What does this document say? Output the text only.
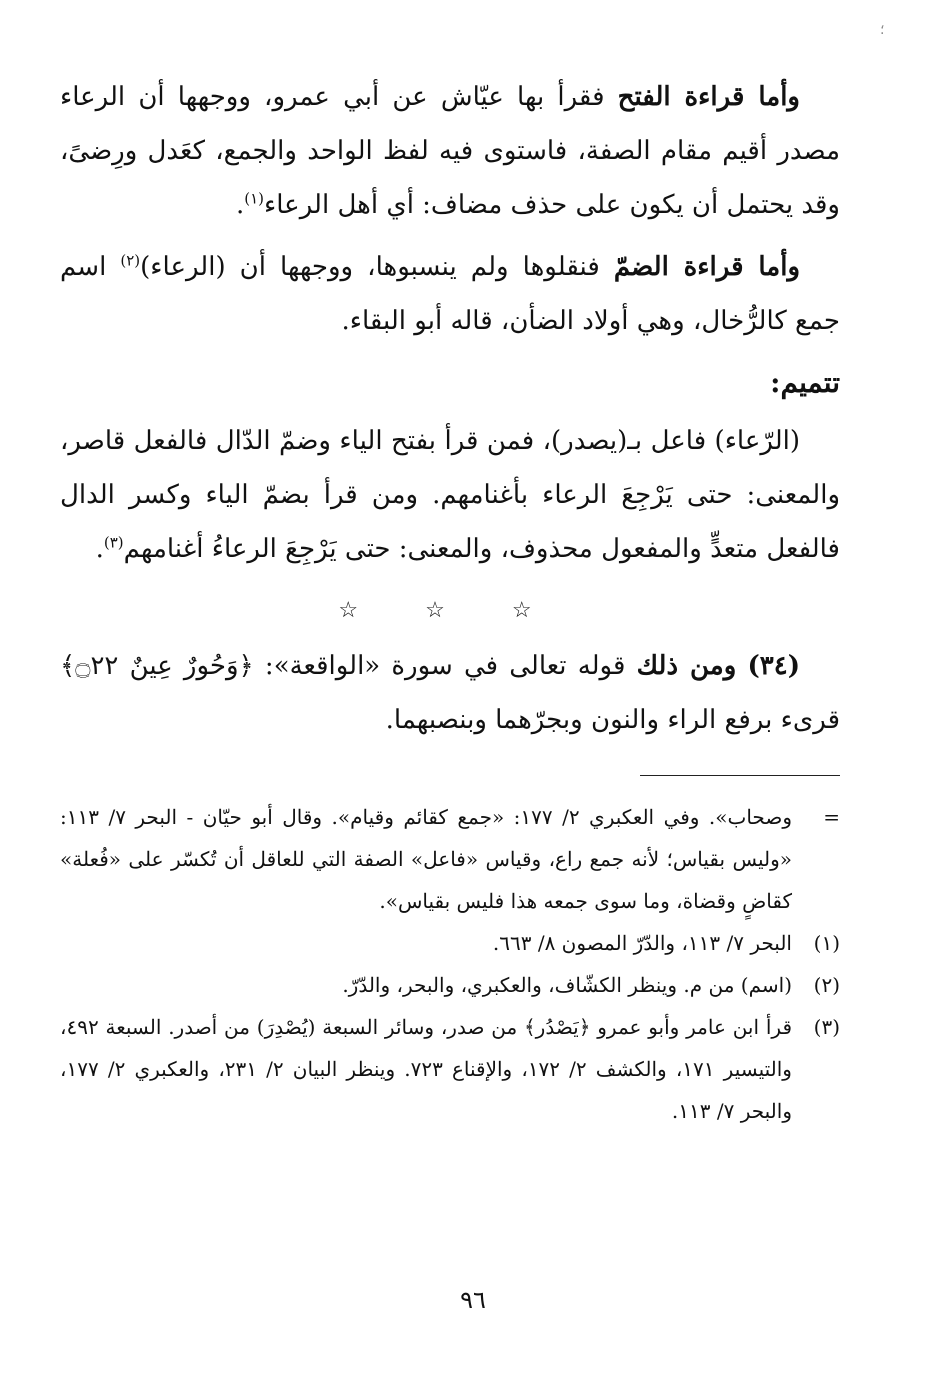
؛

وأما قراءة الفتح فقرأ بها عيّاش عن أبي عمرو، ووجهها أن الرعاء مصدر أقيم مقام الصفة، فاستوى فيه لفظ الواحد والجمع، كعَدل ورِضىً، وقد يحتمل أن يكون على حذف مضاف: أي أهل الرعاء$^{(١)}$.

وأما قراءة الضمّ فنقلوها ولم ينسبوها، ووجهها أن (الرعاء)$^{(٢)}$ اسم جمع كالرُّخال، وهي أولاد الضأن، قاله أبو البقاء.

تتميم:

(الرّعاء) فاعل بـ(يصدر)، فمن قرأ بفتح الياء وضمّ الدّال فالفعل قاصر، والمعنى: حتى يَرْجِعَ الرعاء بأغنامهم. ومن قرأ بضمّ الياء وكسر الدال فالفعل متعدٍّ والمفعول محذوف، والمعنى: حتى يَرْجِعَ الرعاءُ أغنامهم$^{(٣)}$.

☆ ☆ ☆

(٣٤) ومن ذلك قوله تعالى في سورة «الواقعة»: ﴿وَحُورٌ عِينٌ ۝٢٢﴾ قرىء برفع الراء والنون وبجرّهما وبنصبهما.

=
وصحاب». وفي العكبري ٢/ ١٧٧: «جمع كقائم وقيام». وقال أبو حيّان - البحر ٧/ ١١٣: «وليس بقياس؛ لأنه جمع راع، وقياس «فاعل» الصفة التي للعاقل أن تُكسّر على «فُعلة» كقاضٍ وقضاة، وما سوى جمعه هذا فليس بقياس».
(١)
البحر ٧/ ١١٣، والدّرّ المصون ٨/ ٦٦٣.
(٢)
(اسم) من م. وينظر الكشّاف، والعكبري، والبحر، والدّرّ.
(٣)
قرأ ابن عامر وأبو عمرو ﴿يَصْدُر﴾ من صدر، وسائر السبعة (يُصْدِرَ) من أصدر. السبعة ٤٩٢، والتيسير ١٧١، والكشف ٢/ ١٧٢، والإقناع ٧٢٣. وينظر البيان ٢/ ٢٣١، والعكبري ٢/ ١٧٧، والبحر ٧/ ١١٣.
٩٦
